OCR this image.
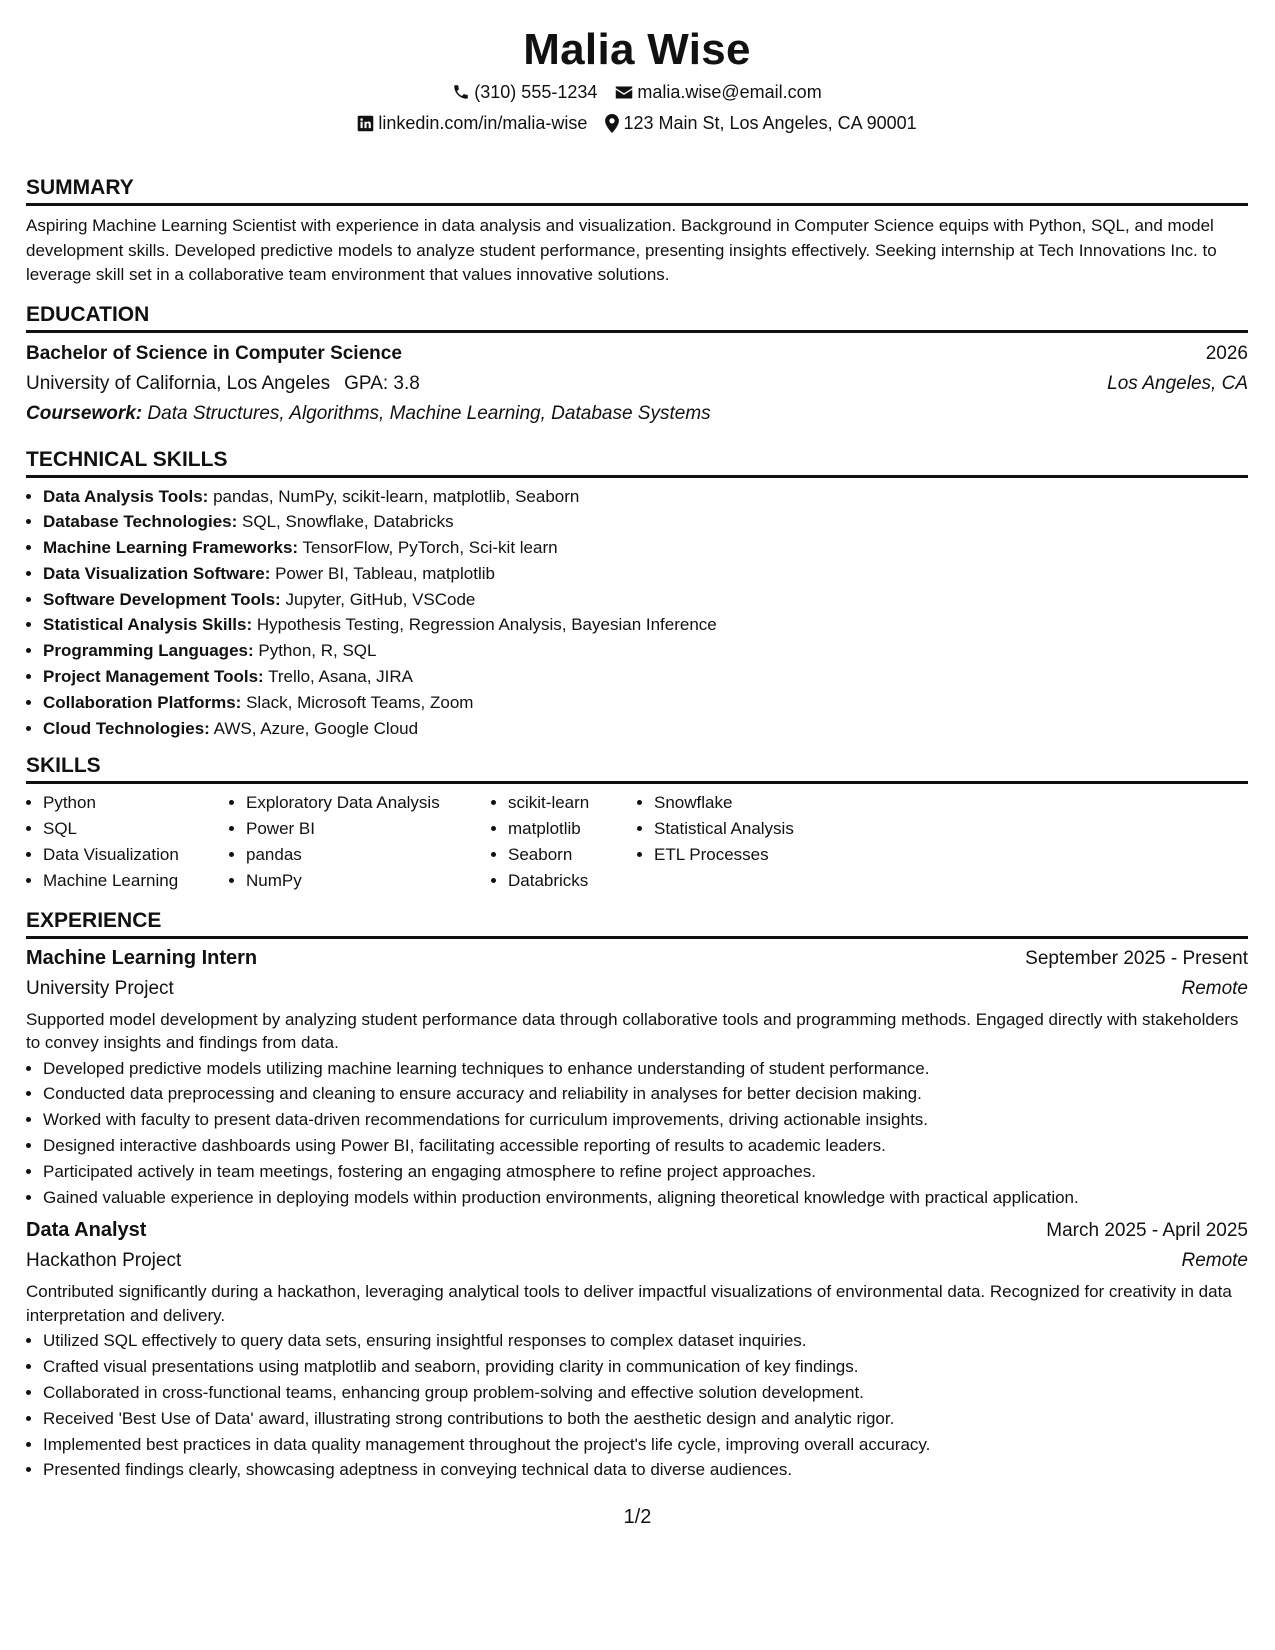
Malia Wise
(310) 555-1234 malia.wise@email.com
linkedin.com/in/malia-wise 123 Main St, Los Angeles, CA 90001
SUMMARY
Aspiring Machine Learning Scientist with experience in data analysis and visualization. Background in Computer Science equips with Python, SQL, and model development skills. Developed predictive models to analyze student performance, presenting insights effectively. Seeking internship at Tech Innovations Inc. to leverage skill set in a collaborative team environment that values innovative solutions.
EDUCATION
Bachelor of Science in Computer Science	2026
University of California, Los Angeles GPA: 3.8	Los Angeles, CA
Coursework: Data Structures, Algorithms, Machine Learning, Database Systems
TECHNICAL SKILLS
• Data Analysis Tools: pandas, NumPy, scikit-learn, matplotlib, Seaborn
• Database Technologies: SQL, Snowflake, Databricks
• Machine Learning Frameworks: TensorFlow, PyTorch, Sci-kit learn
• Data Visualization Software: Power BI, Tableau, matplotlib
• Software Development Tools: Jupyter, GitHub, VSCode
• Statistical Analysis Skills: Hypothesis Testing, Regression Analysis, Bayesian Inference
• Programming Languages: Python, R, SQL
• Project Management Tools: Trello, Asana, JIRA
• Collaboration Platforms: Slack, Microsoft Teams, Zoom
• Cloud Technologies: AWS, Azure, Google Cloud
SKILLS
• Python
• SQL
• Data Visualization
• Machine Learning
• Exploratory Data Analysis
• Power BI
• pandas
• NumPy
• scikit-learn
• matplotlib
• Seaborn
• Databricks
• Snowflake
• Statistical Analysis
• ETL Processes
EXPERIENCE
Machine Learning Intern	September 2025 - Present
University Project	Remote
Supported model development by analyzing student performance data through collaborative tools and programming methods. Engaged directly with stakeholders to convey insights and findings from data.
• Developed predictive models utilizing machine learning techniques to enhance understanding of student performance.
• Conducted data preprocessing and cleaning to ensure accuracy and reliability in analyses for better decision making.
• Worked with faculty to present data-driven recommendations for curriculum improvements, driving actionable insights.
• Designed interactive dashboards using Power BI, facilitating accessible reporting of results to academic leaders.
• Participated actively in team meetings, fostering an engaging atmosphere to refine project approaches.
• Gained valuable experience in deploying models within production environments, aligning theoretical knowledge with practical application.
Data Analyst	March 2025 - April 2025
Hackathon Project	Remote
Contributed significantly during a hackathon, leveraging analytical tools to deliver impactful visualizations of environmental data. Recognized for creativity in data interpretation and delivery.
• Utilized SQL effectively to query data sets, ensuring insightful responses to complex dataset inquiries.
• Crafted visual presentations using matplotlib and seaborn, providing clarity in communication of key findings.
• Collaborated in cross-functional teams, enhancing group problem-solving and effective solution development.
• Received 'Best Use of Data' award, illustrating strong contributions to both the aesthetic design and analytic rigor.
• Implemented best practices in data quality management throughout the project's life cycle, improving overall accuracy.
• Presented findings clearly, showcasing adeptness in conveying technical data to diverse audiences.
1/2
